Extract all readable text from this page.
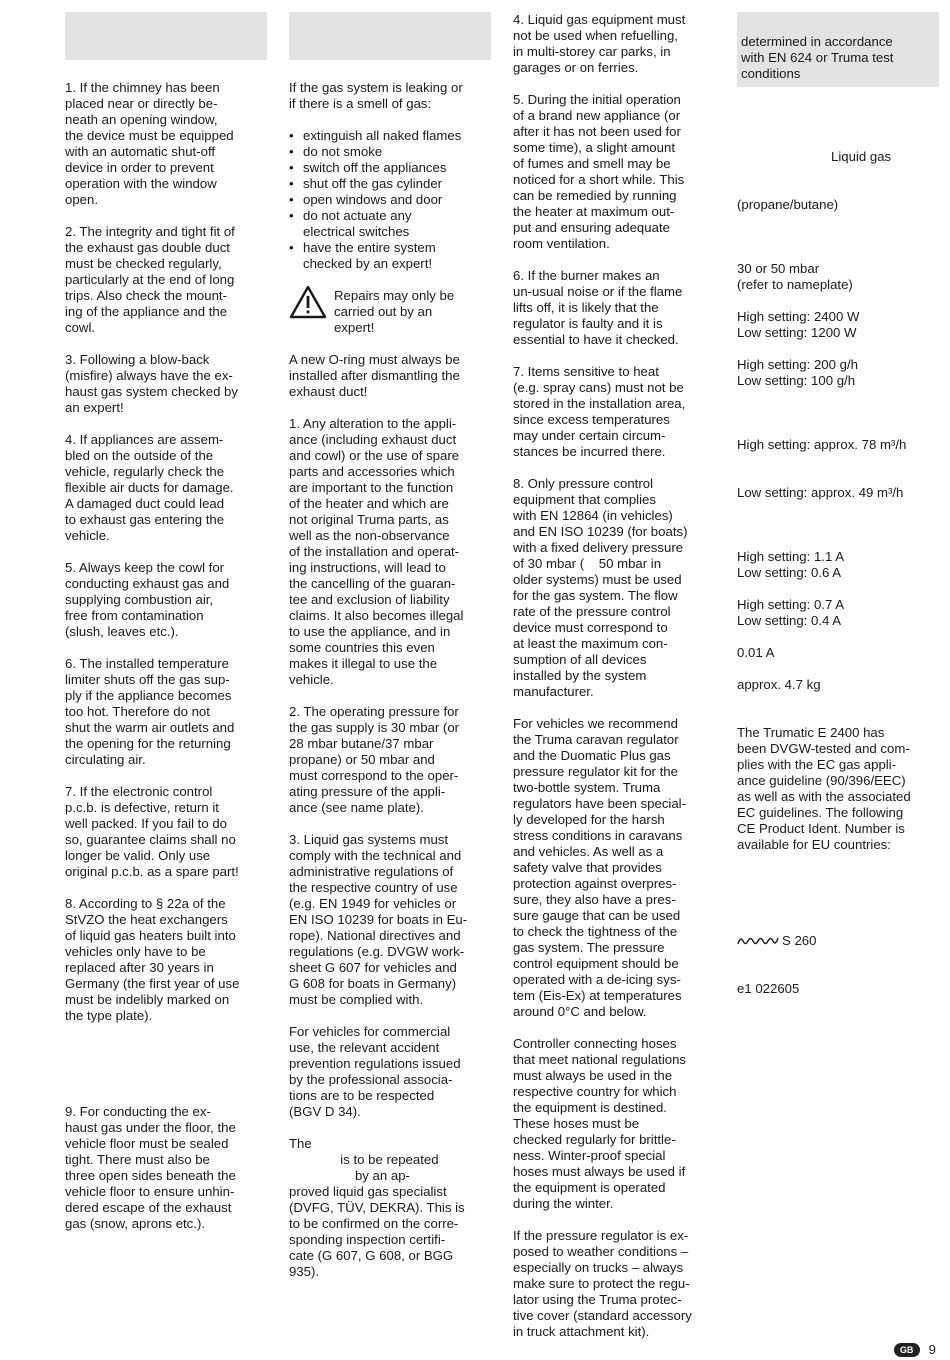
1. If the chimney has been
placed near or directly be-
neath an opening window,
the device must be equipped
with an automatic shut-off
device in order to prevent
operation with the window
open.
2. The integrity and tight fit of
the exhaust gas double duct
must be checked regularly,
particularly at the end of long
trips. Also check the mount-
ing of the appliance and the
cowl.
3. Following a blow-back
(misfire) always have the ex-
haust gas system checked by
an expert!
4. If appliances are assem-
bled on the outside of the
vehicle, regularly check the
flexible air ducts for damage.
A damaged duct could lead
to exhaust gas entering the
vehicle.
5. Always keep the cowl for
conducting exhaust gas and
supplying combustion air,
free from contamination
(slush, leaves etc.).
6. The installed temperature
limiter shuts off the gas sup-
ply if the appliance becomes
too hot. Therefore do not
shut the warm air outlets and
the opening for the returning
circulating air.
7. If the electronic control
p.c.b. is defective, return it
well packed. If you fail to do
so, guarantee claims shall no
longer be valid. Only use
original p.c.b. as a spare part!
8. According to § 22a of the
StVZO the heat exchangers
of liquid gas heaters built into
vehicles only have to be
replaced after 30 years in
Germany (the first year of use
must be indelibly marked on
the type plate).
9. For conducting the ex-
haust gas under the floor, the
vehicle floor must be sealed
tight. There must also be
three open sides beneath the
vehicle floor to ensure unhin-
dered escape of the exhaust
gas (snow, aprons etc.).
If the gas system is leaking or
if there is a smell of gas:
• extinguish all naked flames
• do not smoke
• switch off the appliances
• shut off the gas cylinder
• open windows and door
• do not actuate any
electrical switches
• have the entire system
checked by an expert!
Repairs may only be
carried out by an
expert!
A new O-ring must always be
installed after dismantling the
exhaust duct!
1. Any alteration to the appli-
ance (including exhaust duct
and cowl) or the use of spare
parts and accessories which
are important to the function
of the heater and which are
not original Truma parts, as
well as the non-observance
of the installation and operat-
ing instructions, will lead to
the cancelling of the guaran-
tee and exclusion of liability
claims. It also becomes illegal
to use the appliance, and in
some countries this even
makes it illegal to use the
vehicle.
2. The operating pressure for
the gas supply is 30 mbar (or
28 mbar butane/37 mbar
propane) or 50 mbar and
must correspond to the oper-
ating pressure of the appli-
ance (see name plate).
3. Liquid gas systems must
comply with the technical and
administrative regulations of
the respective country of use
(e.g. EN 1949 for vehicles or
EN ISO 10239 for boats in Eu-
rope). National directives and
regulations (e.g. DVGW work-
sheet G 607 for vehicles and
G 608 for boats in Germany)
must be complied with.
For vehicles for commercial
use, the relevant accident
prevention regulations issued
by the professional associa-
tions are to be respected
(BGV D 34).
The
is to be repeated
by an ap-
proved liquid gas specialist
(DVFG, TÜV, DEKRA). This is
to be confirmed on the corre-
sponding inspection certifi-
cate (G 607, G 608, or BGG
935).
4. Liquid gas equipment must
not be used when refuelling,
in multi-storey car parks, in
garages or on ferries.
5. During the initial operation
of a brand new appliance (or
after it has not been used for
some time), a slight amount
of fumes and smell may be
noticed for a short while. This
can be remedied by running
the heater at maximum out-
put and ensuring adequate
room ventilation.
6. If the burner makes an
un-usual noise or if the flame
lifts off, it is likely that the
regulator is faulty and it is
essential to have it checked.
7. Items sensitive to heat
(e.g. spray cans) must not be
stored in the installation area,
since excess temperatures
may under certain circum-
stances be incurred there.
8. Only pressure control
equipment that complies
with EN 12864 (in vehicles)
and EN ISO 10239 (for boats)
with a fixed delivery pressure
of 30 mbar (    50 mbar in
older systems) must be used
for the gas system. The flow
rate of the pressure control
device must correspond to
at least the maximum con-
sumption of all devices
installed by the system
manufacturer.
For vehicles we recommend
the Truma caravan regulator
and the Duomatic Plus gas
pressure regulator kit for the
two-bottle system. Truma
regulators have been special-
ly developed for the harsh
stress conditions in caravans
and vehicles. As well as a
safety valve that provides
protection against overpres-
sure, they also have a pres-
sure gauge that can be used
to check the tightness of the
gas system. The pressure
control equipment should be
operated with a de-icing sys-
tem (Eis-Ex) at temperatures
around 0°C and below.
Controller connecting hoses
that meet national regulations
must always be used in the
respective country for which
the equipment is destined.
These hoses must be
checked regularly for brittle-
ness. Winter-proof special
hoses must always be used if
the equipment is operated
during the winter.
If the pressure regulator is ex-
posed to weather conditions –
especially on trucks – always
make sure to protect the regu-
lator using the Truma protec-
tive cover (standard accessory
in truck attachment kit).
determined in accordance
with EN 624 or Truma test
conditions

Liquid gas

(propane/butane)

30 or 50 mbar
(refer to nameplate)
High setting: 2400 W
Low setting: 1200 W
High setting: 200 g/h
Low setting: 100 g/h

High setting: approx. 78 m³/h

Low setting: approx. 49 m³/h

High setting: 1.1 A
Low setting: 0.6 A
High setting: 0.7 A
Low setting: 0.4 A
0.01 A
approx. 4.7 kg
The Trumatic E 2400 has
been DVGW-tested and com-
plies with the EC gas appli-
ance guideline (90/396/EEC)
as well as with the associated
EC guidelines. The following
CE Product Ident. Number is
available for EU countries:
S 260
e1 022605
GB	9
